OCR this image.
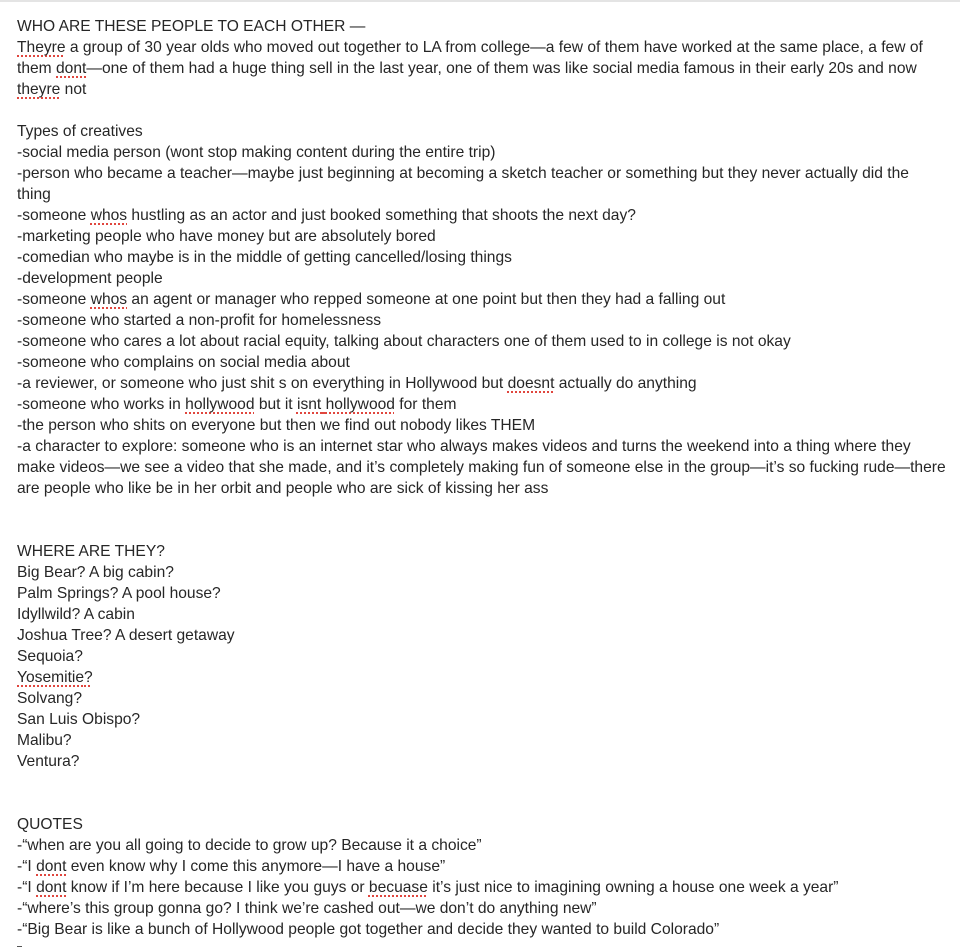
WHO ARE THESE PEOPLE TO EACH OTHER —
Theyre a group of 30 year olds who moved out together to LA from college—a few of them have worked at the same place, a few of them dont—one of them had a huge thing sell in the last year, one of them was like social media famous in their early 20s and now theyre not
Types of creatives
-social media person (wont stop making content during the entire trip)
-person who became a teacher—maybe just beginning at becoming a sketch teacher or something but they never actually did the thing
-someone whos hustling as an actor and just booked something that shoots the next day?
-marketing people who have money but are absolutely bored
-comedian who maybe is in the middle of getting cancelled/losing things
-development people
-someone whos an agent or manager who repped someone at one point but then they had a falling out
-someone who started a non-profit for homelessness
-someone who cares a lot about racial equity, talking about characters one of them used to in college is not okay
-someone who complains on social media about
-a reviewer, or someone who just shit s on everything in Hollywood but doesnt actually do anything
-someone who works in hollywood but it isnt hollywood for them
-the person who shits on everyone but then we find out nobody likes THEM
-a character to explore: someone who is an internet star who always makes videos and turns the weekend into a thing where they make videos—we see a video that she made, and it’s completely making fun of someone else in the group—it’s so fucking rude—there are people who like be in her orbit and people who are sick of kissing her ass
WHERE ARE THEY?
Big Bear? A big cabin?
Palm Springs? A pool house?
Idyllwild? A cabin
Joshua Tree? A desert getaway
Sequoia?
Yosemitie?
Solvang?
San Luis Obispo?
Malibu?
Ventura?
QUOTES
-“when are you all going to decide to grow up? Because it a choice”
-“I dont even know why I come this anymore—I have a house”
-“I dont know if I’m here because I like you guys or becuase it’s just nice to imagining owning a house one week a year”
-“where’s this group gonna go? I think we’re cashed out—we don’t do anything new”
-“Big Bear is like a bunch of Hollywood people got together and decide they wanted to build Colorado”
